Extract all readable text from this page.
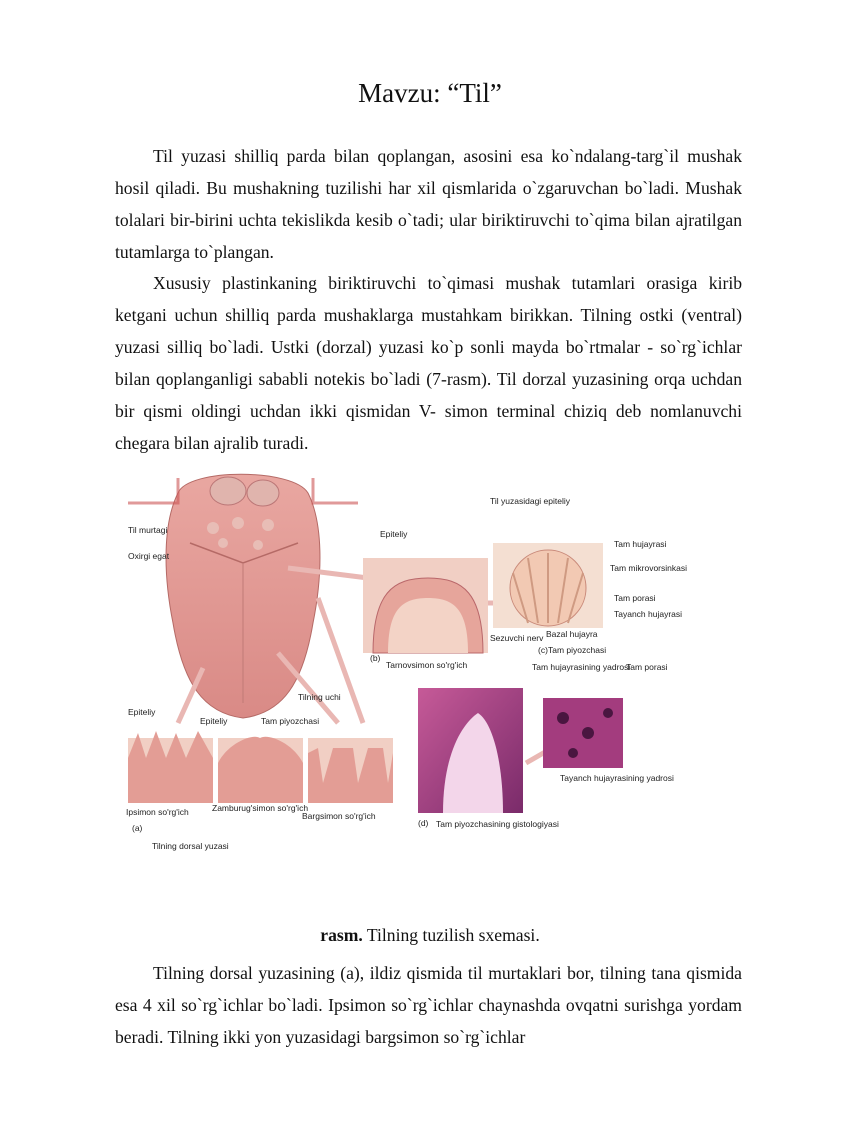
Mavzu: “Til”

Til yuzasi shilliq parda bilan qoplangan, asosini esa ko`ndalang-targ`il mushak hosil qiladi. Bu mushakning tuzilishi har xil qismlarida o`zgaruvchan bo`ladi. Mushak tolalari bir-birini uchta tekislikda kesib o`tadi; ular biriktiruvchi to`qima bilan ajratilgan tutamlarga to`plangan.

Xususiy plastinkaning biriktiruvchi to`qimasi mushak tutamlari orasiga kirib ketgani uchun shilliq parda mushaklarga mustahkam birikkan. Tilning ostki (ventral) yuzasi silliq bo`ladi. Ustki (dorzal) yuzasi ko`p sonli mayda bo`rtmalar - so`rg`ichlar bilan qoplanganligi sababli notekis bo`ladi (7-rasm). Til dorzal yuzasining orqa uchdan bir qismi oldingi uchdan ikki qismidan V- simon terminal chiziq deb nomlanuvchi chegara bilan ajralib turadi.

Til murtagi
Oxirgi egat
Epiteliy
Til yuzasidagi epiteliy
Tam hujayrasi
Tam mikrovorsinkasi
Tam porasi
Tayanch hujayrasi
Sezuvchi nerv Bazal hujayra
Tam piyozchasi
(b)
(c)
Tarnovsimon so'rg'ich	Tam hujayrasining yadrosi
Tam porasi
Tilning uchi
Epiteliy
Epiteliy	Tam piyozchasi
Ipsimon so'rg'ich	Zamburug'simon so'rg'ich
Bargsimon so'rg'ich
(a)
Tilning dorsal yuzasi
(d) Tam piyozchasining gistologiyasi
Tayanch hujayrasining yadrosi
rasm. Tilning tuzilish sxemasi.

Tilning dorsal yuzasining (a), ildiz qismida til murtaklari bor, tilning tana qismida esa 4 xil so`rg`ichlar bo`ladi. Ipsimon so`rg`ichlar chaynashda ovqatni surishga yordam beradi. Tilning ikki yon yuzasidagi bargsimon so`rg`ichlar
